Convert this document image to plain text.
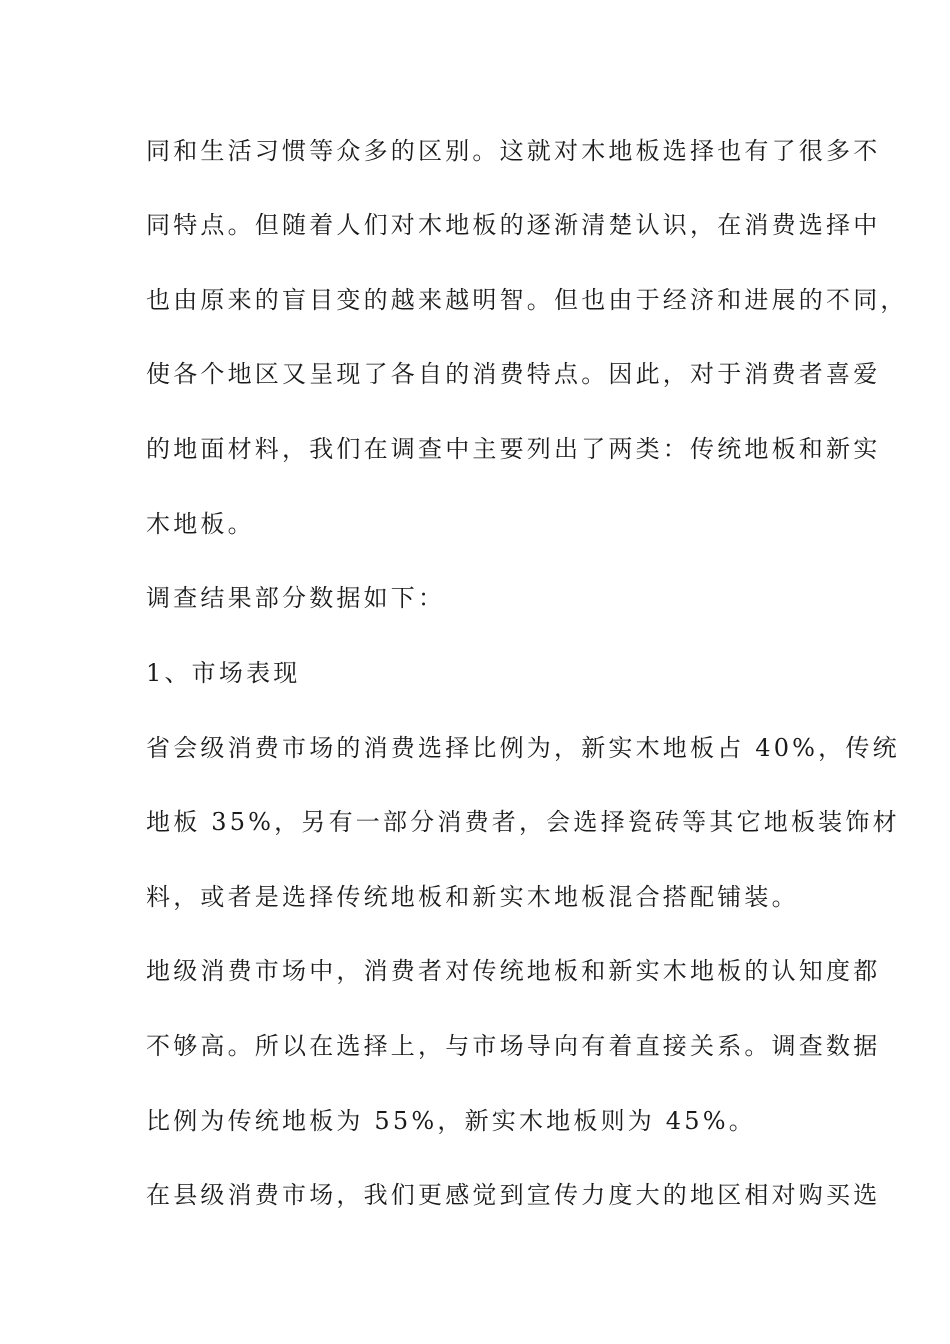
同和生活习惯等众多的区别。这就对木地板选择也有了很多不
同特点。但随着人们对木地板的逐渐清楚认识，在消费选择中
也由原来的盲目变的越来越明智。但也由于经济和进展的不同，
使各个地区又呈现了各自的消费特点。因此，对于消费者喜爱
的地面材料，我们在调查中主要列出了两类：传统地板和新实
木地板。
调查结果部分数据如下：
1、市场表现
省会级消费市场的消费选择比例为，新实木地板占 40%，传统
地板 35%，另有一部分消费者，会选择瓷砖等其它地板装饰材
料，或者是选择传统地板和新实木地板混合搭配铺装。
地级消费市场中，消费者对传统地板和新实木地板的认知度都
不够高。所以在选择上，与市场导向有着直接关系。调查数据
比例为传统地板为 55%，新实木地板则为 45%。
在县级消费市场，我们更感觉到宣传力度大的地区相对购买选
